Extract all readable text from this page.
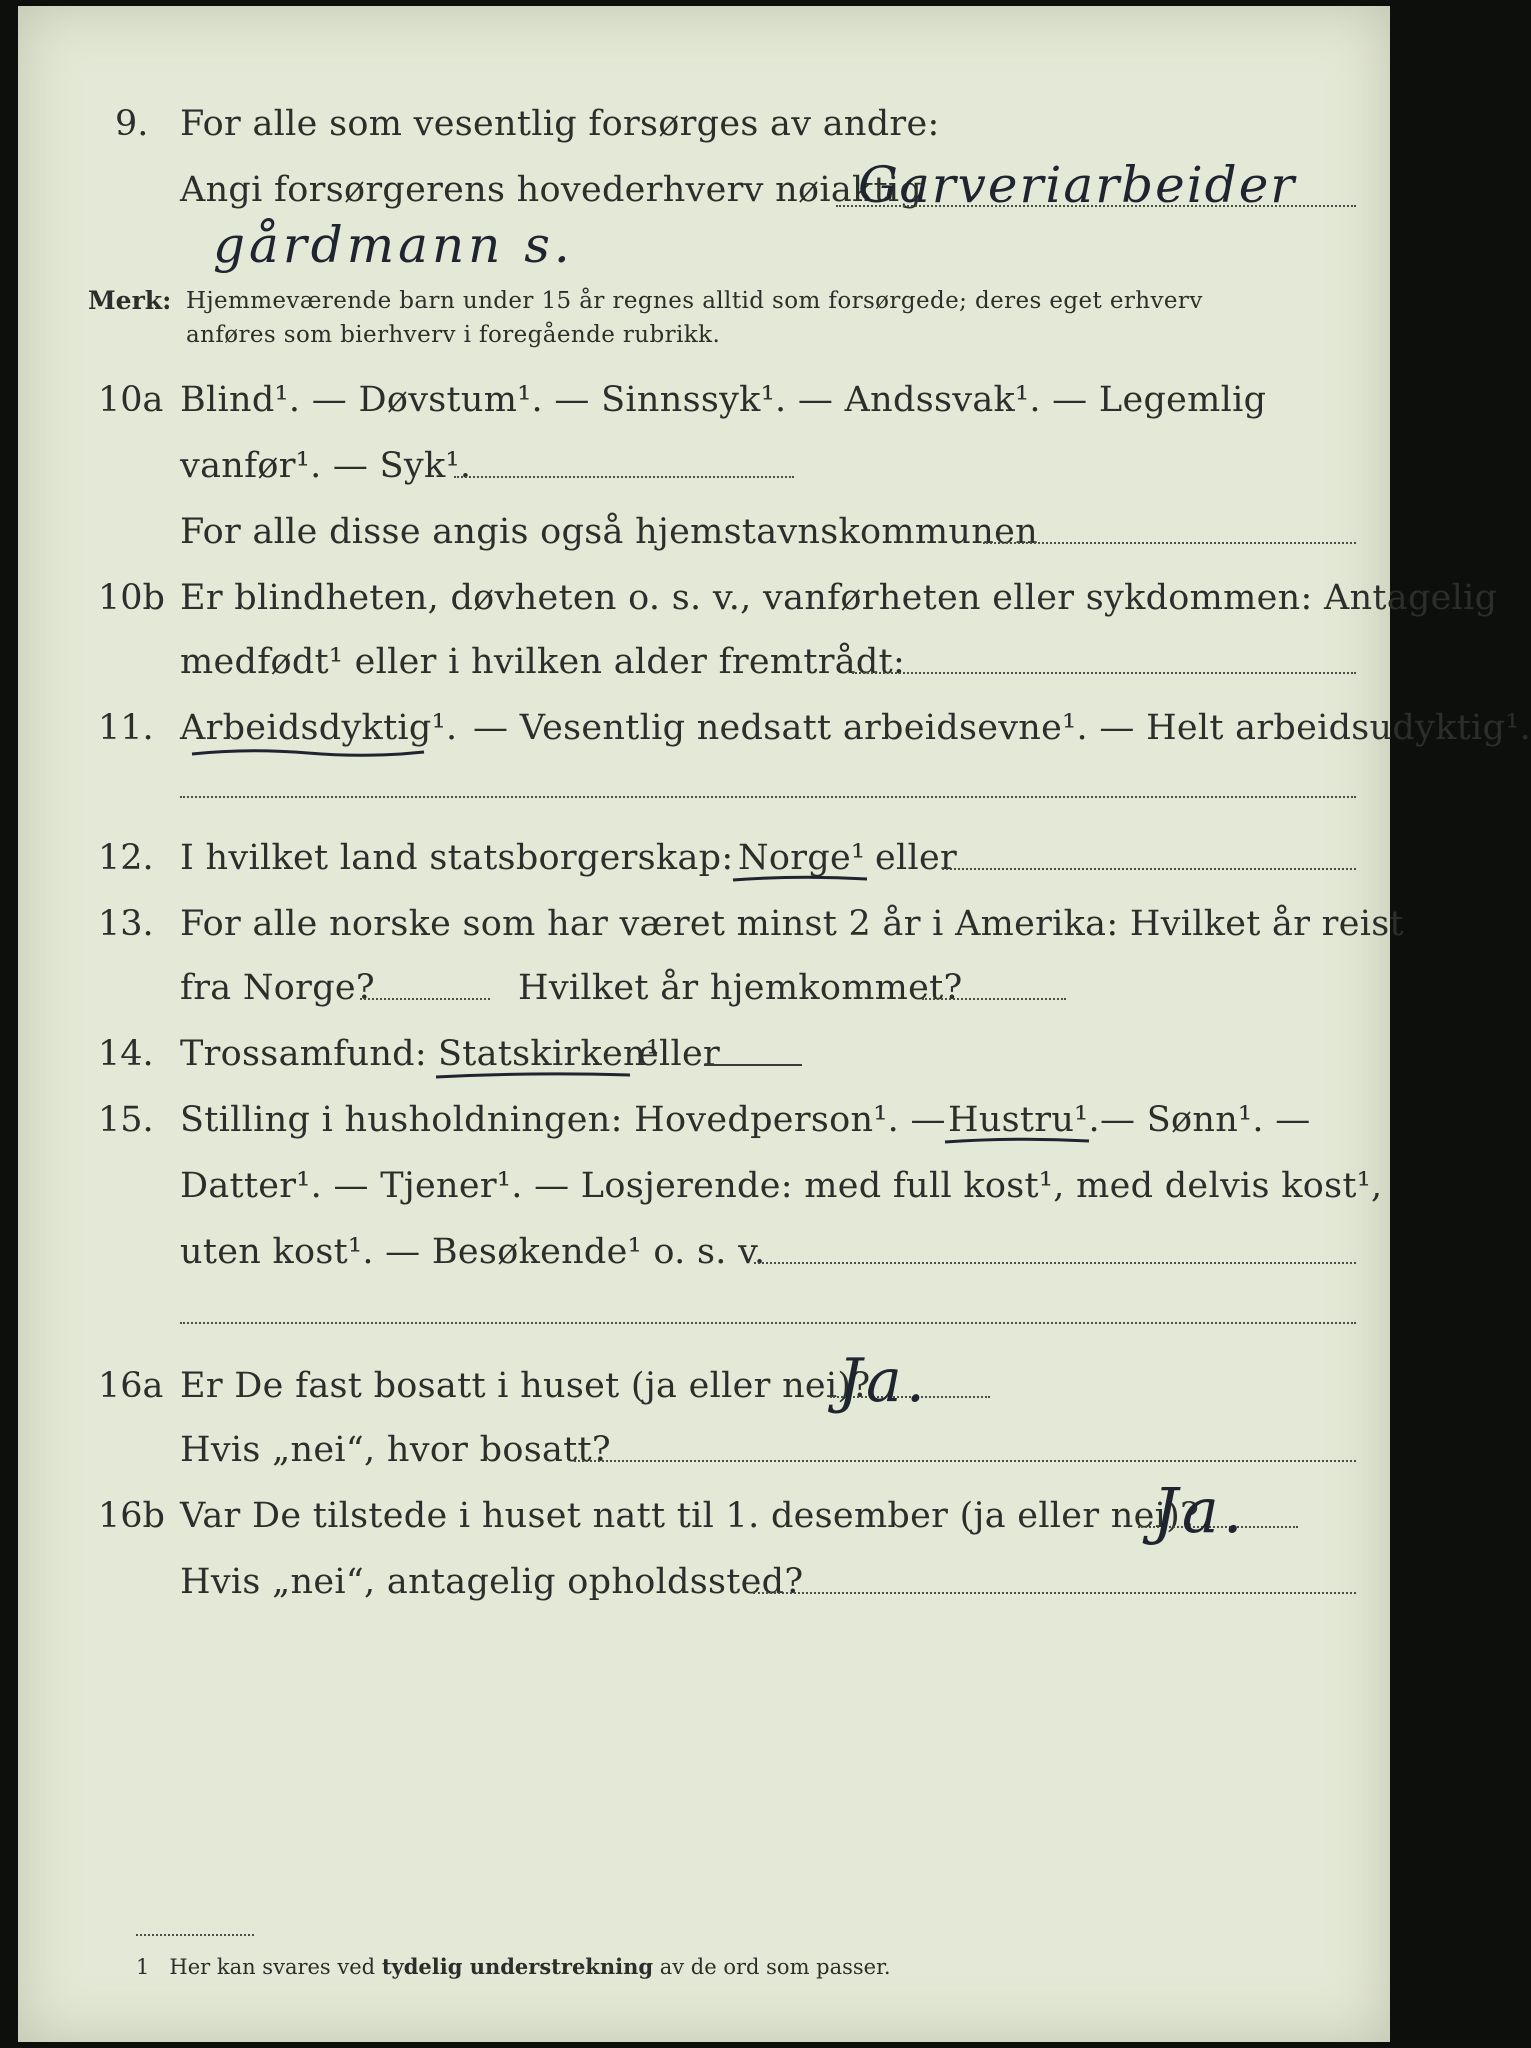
9. For alle som vesentlig forsørges av andre:
Angi forsørgerens hovederhverv nøiaktig
Garveriarbeider
gårdmann s.
Merk: Hjemmeværende barn under 15 år regnes alltid som forsørgede; deres eget erhverv
anføres som bierhverv i foregående rubrikk.
10a Blind¹. — Døvstum¹. — Sinnssyk¹. — Andssvak¹. — Legemlig
vanfør¹. — Syk¹.
For alle disse angis også hjemstavnskommunen
10b Er blindheten, døvheten o. s. v., vanførheten eller sykdommen: Antagelig
medfødt¹ eller i hvilken alder fremtrådt:
11. Arbeidsdyktig¹. — Vesentlig nedsatt arbeidsevne¹. — Helt arbeidsudyktig¹.
12. I hvilket land statsborgerskap: Norge¹ eller
13. For alle norske som har været minst 2 år i Amerika: Hvilket år reist
fra Norge?	Hvilket år hjemkommet?
14. Trossamfund: Statskirken¹
eller
15. Stilling i husholdningen: Hovedperson¹. — Hustru¹. — Sønn¹. —
Datter¹. — Tjener¹. — Losjerende: med full kost¹, med delvis kost¹,
uten kost¹. — Besøkende¹ o. s. v.
16a Er De fast bosatt i huset (ja eller nei)?
Ja.
Hvis „nei“, hvor bosatt?
16b Var De tilstede i huset natt til 1. desember (ja eller nei)?
Ja.
Hvis „nei“, antagelig opholdssted?
1 Her kan svares ved tydelig understrekning av de ord som passer.
